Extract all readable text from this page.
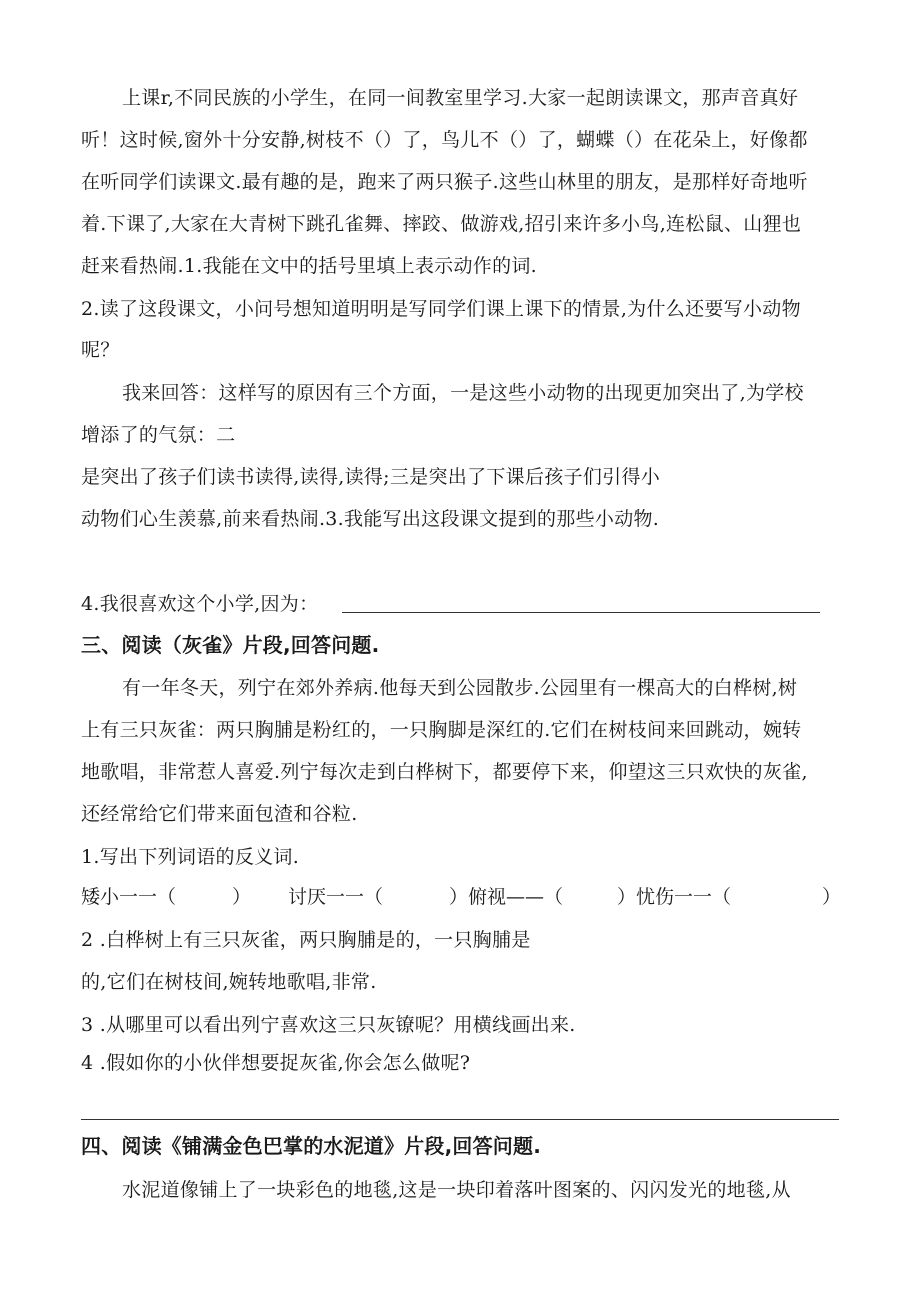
上课r,不同民族的小学生，在同一间教室里学习.大家一起朗读课文，那声音真好
听！这时候,窗外十分安静,树枝不（）了，鸟儿不（）了，蝴蝶（）在花朵上，好像都
在听同学们读课文.最有趣的是，跑来了两只猴子.这些山林里的朋友，是那样好奇地听
着.下课了,大家在大青树下跳孔雀舞、摔跤、做游戏,招引来许多小鸟,连松鼠、山狸也
赶来看热闹.1.我能在文中的括号里填上表示动作的词.
2.读了这段课文，小问号想知道明明是写同学们课上课下的情景,为什么还要写小动物
呢？
我来回答：这样写的原因有三个方面，一是这些小动物的出现更加突出了,为学校
增添了的气氛：二
是突出了孩子们读书读得,读得,读得;三是突出了下课后孩子们引得小
动物们心生羡慕,前来看热闹.3.我能写出这段课文提到的那些小动物.
4.我很喜欢这个小学,因为：
三、阅读（灰雀》片段,回答问题.
有一年冬天，列宁在郊外养病.他每天到公园散步.公园里有一棵高大的白桦树,树
上有三只灰雀：两只胸脯是粉红的，一只胸脚是深红的.它们在树枝间来回跳动，婉转
地歌唱，非常惹人喜爱.列宁每次走到白桦树下，都要停下来，仰望这三只欢快的灰雀,
还经常给它们带来面包渣和谷粒.
1.写出下列词语的反义词.
矮小一一（	） 讨厌一一（	）俯视——（	）忧伤一一（	）
2 .白桦树上有三只灰雀，两只胸脯是的，一只胸脯是
的,它们在树枝间,婉转地歌唱,非常.
3 .从哪里可以看出列宁喜欢这三只灰镣呢？用横线画出来.
4 .假如你的小伙伴想要捉灰雀,你会怎么做呢?
四、阅读《铺满金色巴掌的水泥道》片段,回答问题.
水泥道像铺上了一块彩色的地毯,这是一块印着落叶图案的、闪闪发光的地毯,从
